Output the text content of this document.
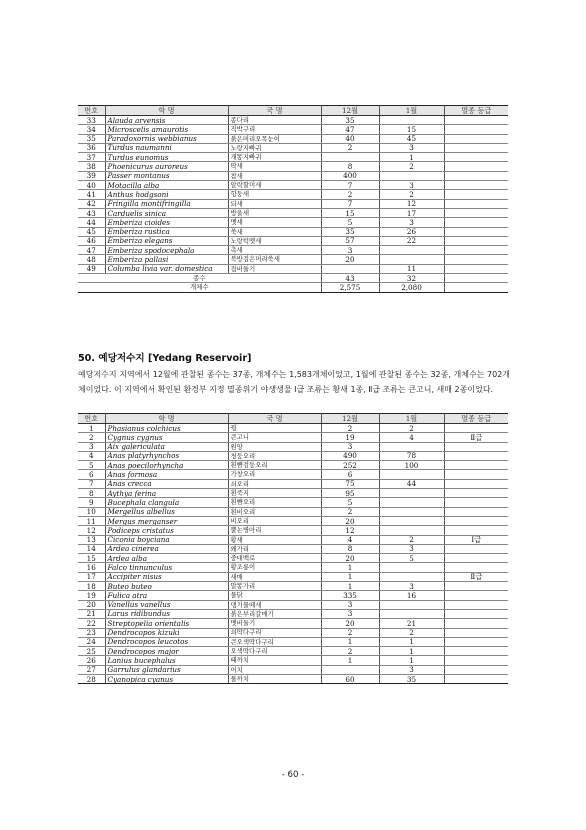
번호	학 명	국 명	12월	1월	멸종 등급
33	Alauda arvensis	종다리	35		
34	Microscelis amaurotis	직박구리	47	15	
35	Paradoxornis webbianus	붉은머리오목눈이	40	45	
36	Turdus naumanni	노랑지빠귀	2	3	
37	Turdus eunomus	개똥지빠귀		1	
38	Phoenicurus auroreus	딱새	8	2	
39	Passer montanus	참새	400		
40	Motacilla alba	알락할미새	7	3	
41	Anthus hodgsoni	힝둥새	2	2	
42	Fringilla montifringilla	되새	7	12	
43	Carduelis sinica	방울새	15	17	
44	Emberiza cioides	멧새	5	3	
45	Emberiza rustica	쑥새	35	26	
46	Emberiza elegans	노랑턱멧새	57	22	
47	Emberiza spodocephala	촉새	3		
48	Emberiza pallasi	북방검은머리쑥새	20		
49	Columba livia var. domestica	집비둘기		11	
종수			43	32	
개체수			2,575	2,080	
50. 예당저수지 [Yedang Reservoir]
예당저수지 지역에서 12월에 관찰된 종수는 37종, 개체수는 1,583개체이었고, 1월에 관찰된 종수는 32종, 개체수는 702개체이었다. 이 지역에서 확인된 환경부 지정 멸종위기 야생생물 Ⅰ급 조류는 황새 1종, Ⅱ급 조류는 큰고니, 새매 2종이었다.
번호	학 명	국 명	12월	1월	멸종 등급
1	Phasianus colchicus	꿩	2	2	
2	Cygnus cygnus	큰고니	19	4	Ⅱ급
3	Aix galericulata	원앙	3		
4	Anas platyrhynchos	청둥오리	490	78	
5	Anas poecilorhyncha	흰뺨검둥오리	252	100	
6	Anas formosa	가창오리	6		
7	Anas crecca	쇠오리	75	44	
8	Aythya ferina	흰죽지	95		
9	Bucephala clangula	흰뺨오리	5		
10	Mergellus albellus	흰비오리	2		
11	Mergus merganser	비오리	20		
12	Podiceps cristatus	뿔논병아리	12		
13	Ciconia boyciana	황새	4	2	Ⅰ급
14	Ardea cinerea	왜가리	8	3	
15	Ardea alba	중대백로	20	5	
16	Falco tinnunculus	황조롱이	1		
17	Accipiter nisus	새매	1		Ⅱ급
18	Buteo buteo	말똥가리	1	3	
19	Fulica atra	물닭	335	16	
20	Vanellus vanellus	댕기물떼새	3		
21	Larus ridibundus	붉은부리갈매기	3		
22	Streptopelia orientalis	멧비둘기	20	21	
23	Dendrocopos kizuki	쇠딱다구리	2	2	
24	Dendrocopos leucotos	큰오색딱다구리	1	1	
25	Dendrocopos major	오색딱다구리	2	1	
26	Lanius bucephalus	때까치	1	1	
27	Garrulus glandarius	어치		3	
28	Cyanopica cyanus	물까치	60	35	
- 60 -
